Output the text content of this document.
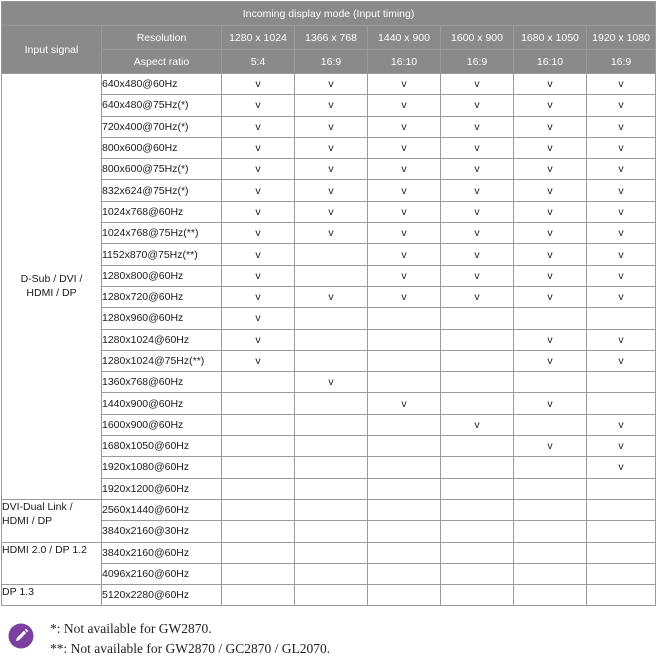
Incoming display mode (Input timing)							
Input signal	Resolution	1280 x 1024	1366 x 768	1440 x 900	1600 x 900	1680 x 1050	1920 x 1080
	Aspect ratio	5:4	16:9	16:10	16:9	16:10	16:9

D-Sub / DVI /
HDMI / DP	640x480@60Hz	v	v	v	v	v	v
	640x480@75Hz(*)	v	v	v	v	v	v
	720x400@70Hz(*)	v	v	v	v	v	v
	800x600@60Hz	v	v	v	v	v	v
	800x600@75Hz(*)	v	v	v	v	v	v
	832x624@75Hz(*)	v	v	v	v	v	v
	1024x768@60Hz	v	v	v	v	v	v
	1024x768@75Hz(**)	v	v	v	v	v	v
	1152x870@75Hz(**)	v		v	v	v	v
	1280x800@60Hz	v		v	v	v	v
	1280x720@60Hz	v	v	v	v	v	v
	1280x960@60Hz	v					
	1280x1024@60Hz	v				v	v
	1280x1024@75Hz(**)	v				v	v
	1360x768@60Hz		v				
	1440x900@60Hz			v		v	
	1600x900@60Hz				v		v
	1680x1050@60Hz					v	v
	1920x1080@60Hz						v
	1920x1200@60Hz						

DVI-Dual Link /
HDMI / DP	2560x1440@60Hz						
	3840x2160@30Hz						

HDMI 2.0 / DP 1.2	3840x2160@60Hz						
	4096x2160@60Hz						

DP 1.3	5120x2280@60Hz						
*: Not available for GW2870.
**: Not available for GW2870 / GC2870 / GL2070.
